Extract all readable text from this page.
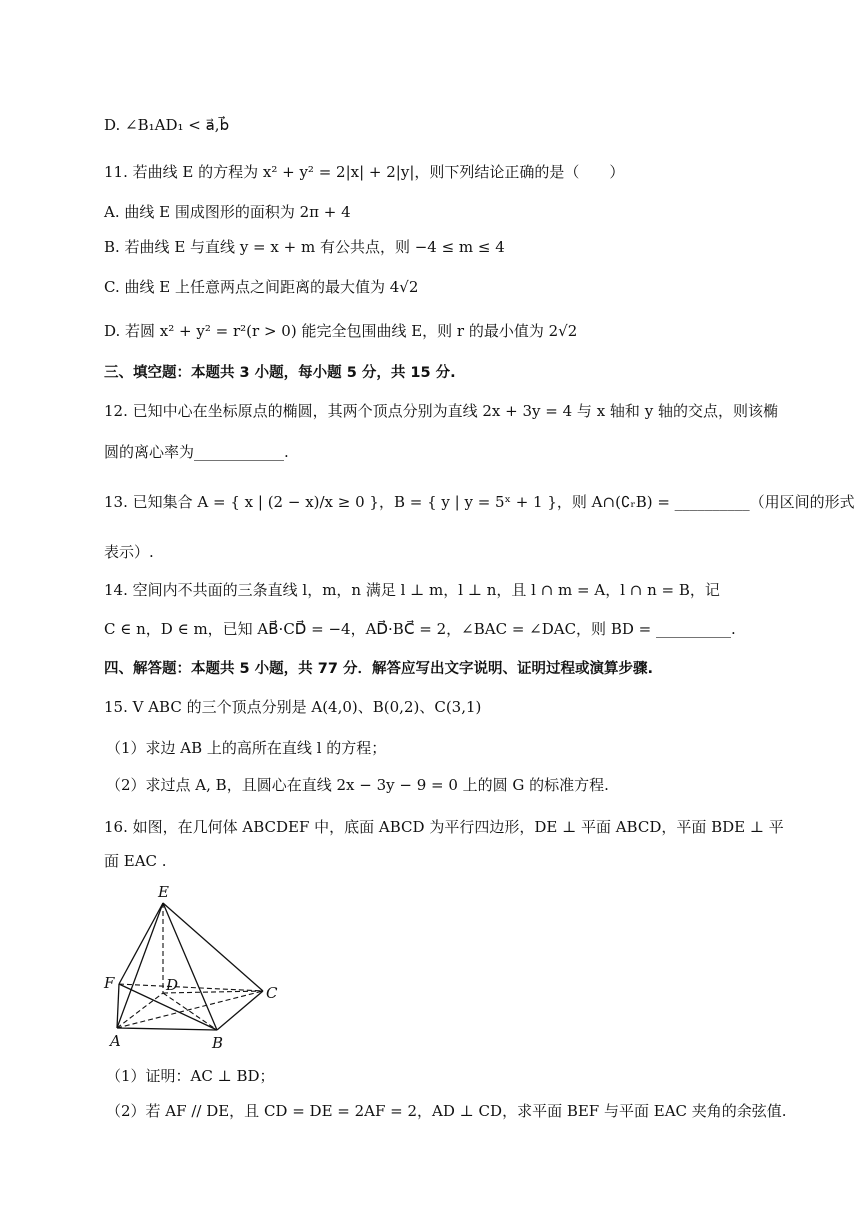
D. ∠B₁AD₁ < a⃗,b⃗
11. 若曲线 E 的方程为 x² + y² = 2|x| + 2|y|，则下列结论正确的是（　　）
A. 曲线 E 围成图形的面积为 2π + 4
B. 若曲线 E 与直线 y = x + m 有公共点，则 −4 ≤ m ≤ 4
C. 曲线 E 上任意两点之间距离的最大值为 4√2
D. 若圆 x² + y² = r²(r > 0) 能完全包围曲线 E，则 r 的最小值为 2√2
三、填空题：本题共 3 小题，每小题 5 分，共 15 分.
12. 已知中心在坐标原点的椭圆，其两个顶点分别为直线 2x + 3y = 4 与 x 轴和 y 轴的交点，则该椭
圆的离心率为____________.
13. 已知集合 A = { x | (2 − x)/x ≥ 0 }，B = { y | y = 5ˣ + 1 }，则 A∩(∁ᵣB) = __________（用区间的形式
表示）.
14. 空间内不共面的三条直线 l，m，n 满足 l ⊥ m，l ⊥ n，且 l ∩ m = A，l ∩ n = B，记
C ∈ n，D ∈ m，已知 AB⃗·CD⃗ = −4，AD⃗·BC⃗ = 2，∠BAC = ∠DAC，则 BD = __________.
四、解答题：本题共 5 小题，共 77 分．解答应写出文字说明、证明过程或演算步骤.
15. V ABC 的三个顶点分别是 A(4,0)、B(0,2)、C(3,1)
（1）求边 AB 上的高所在直线 l 的方程；
（2）求过点 A, B，且圆心在直线 2x − 3y − 9 = 0 上的圆 G 的标准方程.
16. 如图，在几何体 ABCDEF 中，底面 ABCD 为平行四边形，DE ⊥ 平面 ABCD，平面 BDE ⊥ 平
面 EAC .
E
F	D	C
A	B
（1）证明：AC ⊥ BD；
（2）若 AF // DE，且 CD = DE = 2AF = 2，AD ⊥ CD，求平面 BEF 与平面 EAC 夹角的余弦值.
